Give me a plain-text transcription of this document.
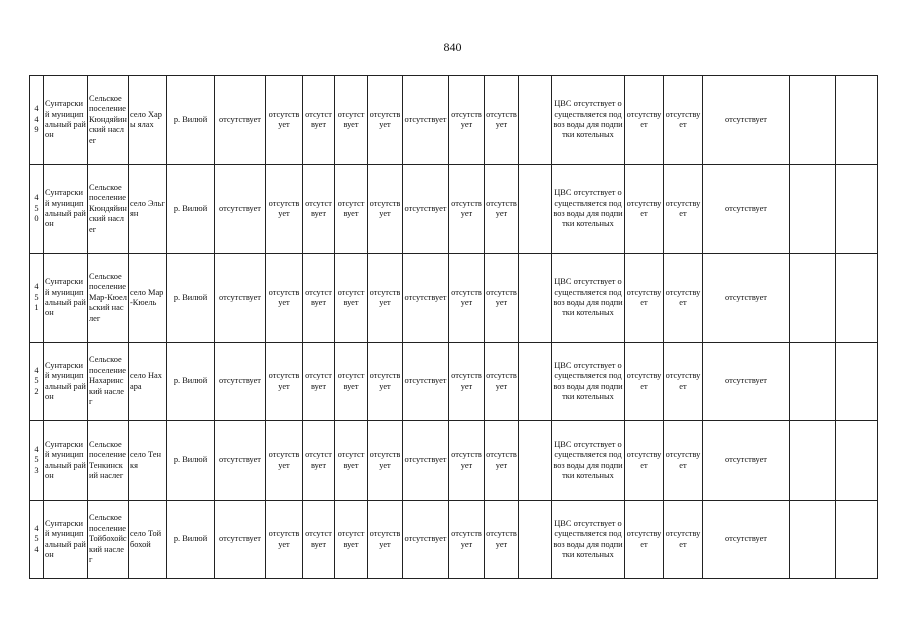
840
4
4
9	Сунтарский муниципальный район	Сельское поселение Кюндяйинский наслег	село Хары ялах	р. Вилюй	отсутствует	отсутствует	отсутствует	отсутствует	отсутствует	отсутствует	отсутствует	отсутствует		ЦВС отсутствует осуществляется подвоз воды для подпитки котельных	отсутствует	отсутствует	отсутствует		

4
5
0	Сунтарский муниципальный район	Сельское поселение Кюндяйинский наслег	село Эльгян	р. Вилюй	отсутствует	отсутствует	отсутствует	отсутствует	отсутствует	отсутствует	отсутствует	отсутствует		ЦВС отсутствует осуществляется подвоз воды для подпитки котельных	отсутствует	отсутствует	отсутствует		

4
5
1	Сунтарский муниципальный район	Сельское поселение Мар-Кюельский наслег	село Мар-Кюель	р. Вилюй	отсутствует	отсутствует	отсутствует	отсутствует	отсутствует	отсутствует	отсутствует	отсутствует		ЦВС отсутствует осуществляется подвоз воды для подпитки котельных	отсутствует	отсутствует	отсутствует		

4
5
2	Сунтарский муниципальный район	Сельское поселение Нахаринский наслег	село Нахара	р. Вилюй	отсутствует	отсутствует	отсутствует	отсутствует	отсутствует	отсутствует	отсутствует	отсутствует		ЦВС отсутствует осуществляется подвоз воды для подпитки котельных	отсутствует	отсутствует	отсутствует		

4
5
3	Сунтарский муниципальный район	Сельское поселение Тенкинский наслег	село Тенкя	р. Вилюй	отсутствует	отсутствует	отсутствует	отсутствует	отсутствует	отсутствует	отсутствует	отсутствует		ЦВС отсутствует осуществляется подвоз воды для подпитки котельных	отсутствует	отсутствует	отсутствует		

4
5
4	Сунтарский муниципальный район	Сельское поселение Тойбохойский наслег	село Тойбохой	р. Вилюй	отсутствует	отсутствует	отсутствует	отсутствует	отсутствует	отсутствует	отсутствует	отсутствует		ЦВС отсутствует осуществляется подвоз воды для подпитки котельных	отсутствует	отсутствует	отсутствует		
